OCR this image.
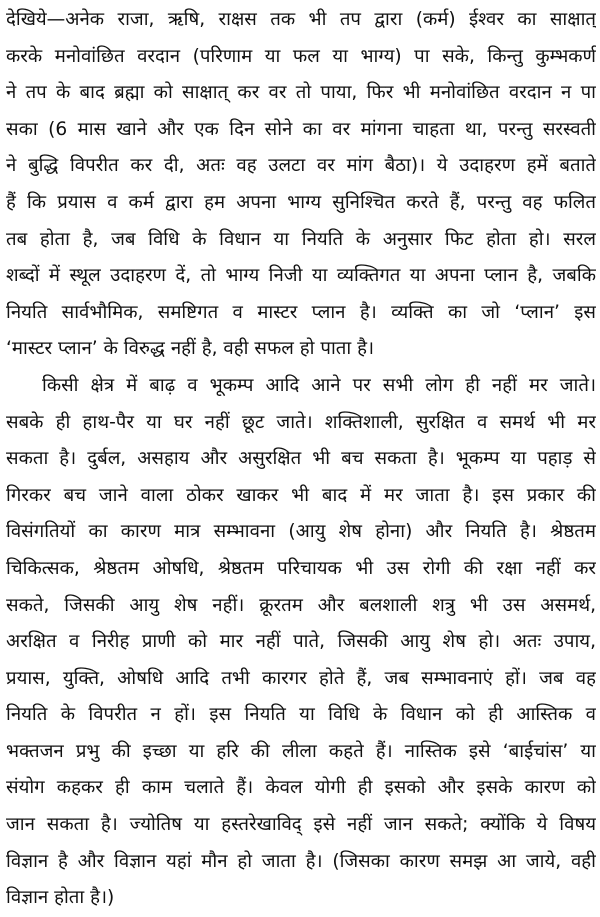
देखिये—अनेक राजा, ऋषि, राक्षस तक भी तप द्वारा (कर्म) ईश्वर का साक्षात्
करके मनोवांछित वरदान (परिणाम या फल या भाग्य) पा सके, किन्तु कुम्भकर्ण
ने तप के बाद ब्रह्मा को साक्षात् कर वर तो पाया, फिर भी मनोवांछित वरदान न पा
सका (6 मास खाने और एक दिन सोने का वर मांगना चाहता था, परन्तु सरस्वती
ने बुद्धि विपरीत कर दी, अतः वह उलटा वर मांग बैठा)। ये उदाहरण हमें बताते
हैं कि प्रयास व कर्म द्वारा हम अपना भाग्य सुनिश्चित करते हैं, परन्तु वह फलित
तब होता है, जब विधि के विधान या नियति के अनुसार फिट होता हो। सरल
शब्दों में स्थूल उदाहरण दें, तो भाग्य निजी या व्यक्तिगत या अपना प्लान है, जबकि
नियति सार्वभौमिक, समष्टिगत व मास्टर प्लान है। व्यक्ति का जो ‘प्लान’ इस
‘मास्टर प्लान’ के विरुद्ध नहीं है, वही सफल हो पाता है।
किसी क्षेत्र में बाढ़ व भूकम्प आदि आने पर सभी लोग ही नहीं मर जाते।
सबके ही हाथ-पैर या घर नहीं छूट जाते। शक्तिशाली, सुरक्षित व समर्थ भी मर
सकता है। दुर्बल, असहाय और असुरक्षित भी बच सकता है। भूकम्प या पहाड़ से
गिरकर बच जाने वाला ठोकर खाकर भी बाद में मर जाता है। इस प्रकार की
विसंगतियों का कारण मात्र सम्भावना (आयु शेष होना) और नियति है। श्रेष्ठतम
चिकित्सक, श्रेष्ठतम ओषधि, श्रेष्ठतम परिचायक भी उस रोगी की रक्षा नहीं कर
सकते, जिसकी आयु शेष नहीं। क्रूरतम और बलशाली शत्रु भी उस असमर्थ,
अरक्षित व निरीह प्राणी को मार नहीं पाते, जिसकी आयु शेष हो। अतः उपाय,
प्रयास, युक्ति, ओषधि आदि तभी कारगर होते हैं, जब सम्भावनाएं हों। जब वह
नियति के विपरीत न हों। इस नियति या विधि के विधान को ही आस्तिक व
भक्तजन प्रभु की इच्छा या हरि की लीला कहते हैं। नास्तिक इसे ‘बाईचांस’ या
संयोग कहकर ही काम चलाते हैं। केवल योगी ही इसको और इसके कारण को
जान सकता है। ज्योतिष या हस्तरेखाविद् इसे नहीं जान सकते; क्योंकि ये विषय
विज्ञान है और विज्ञान यहां मौन हो जाता है। (जिसका कारण समझ आ जाये, वही
विज्ञान होता है।)
